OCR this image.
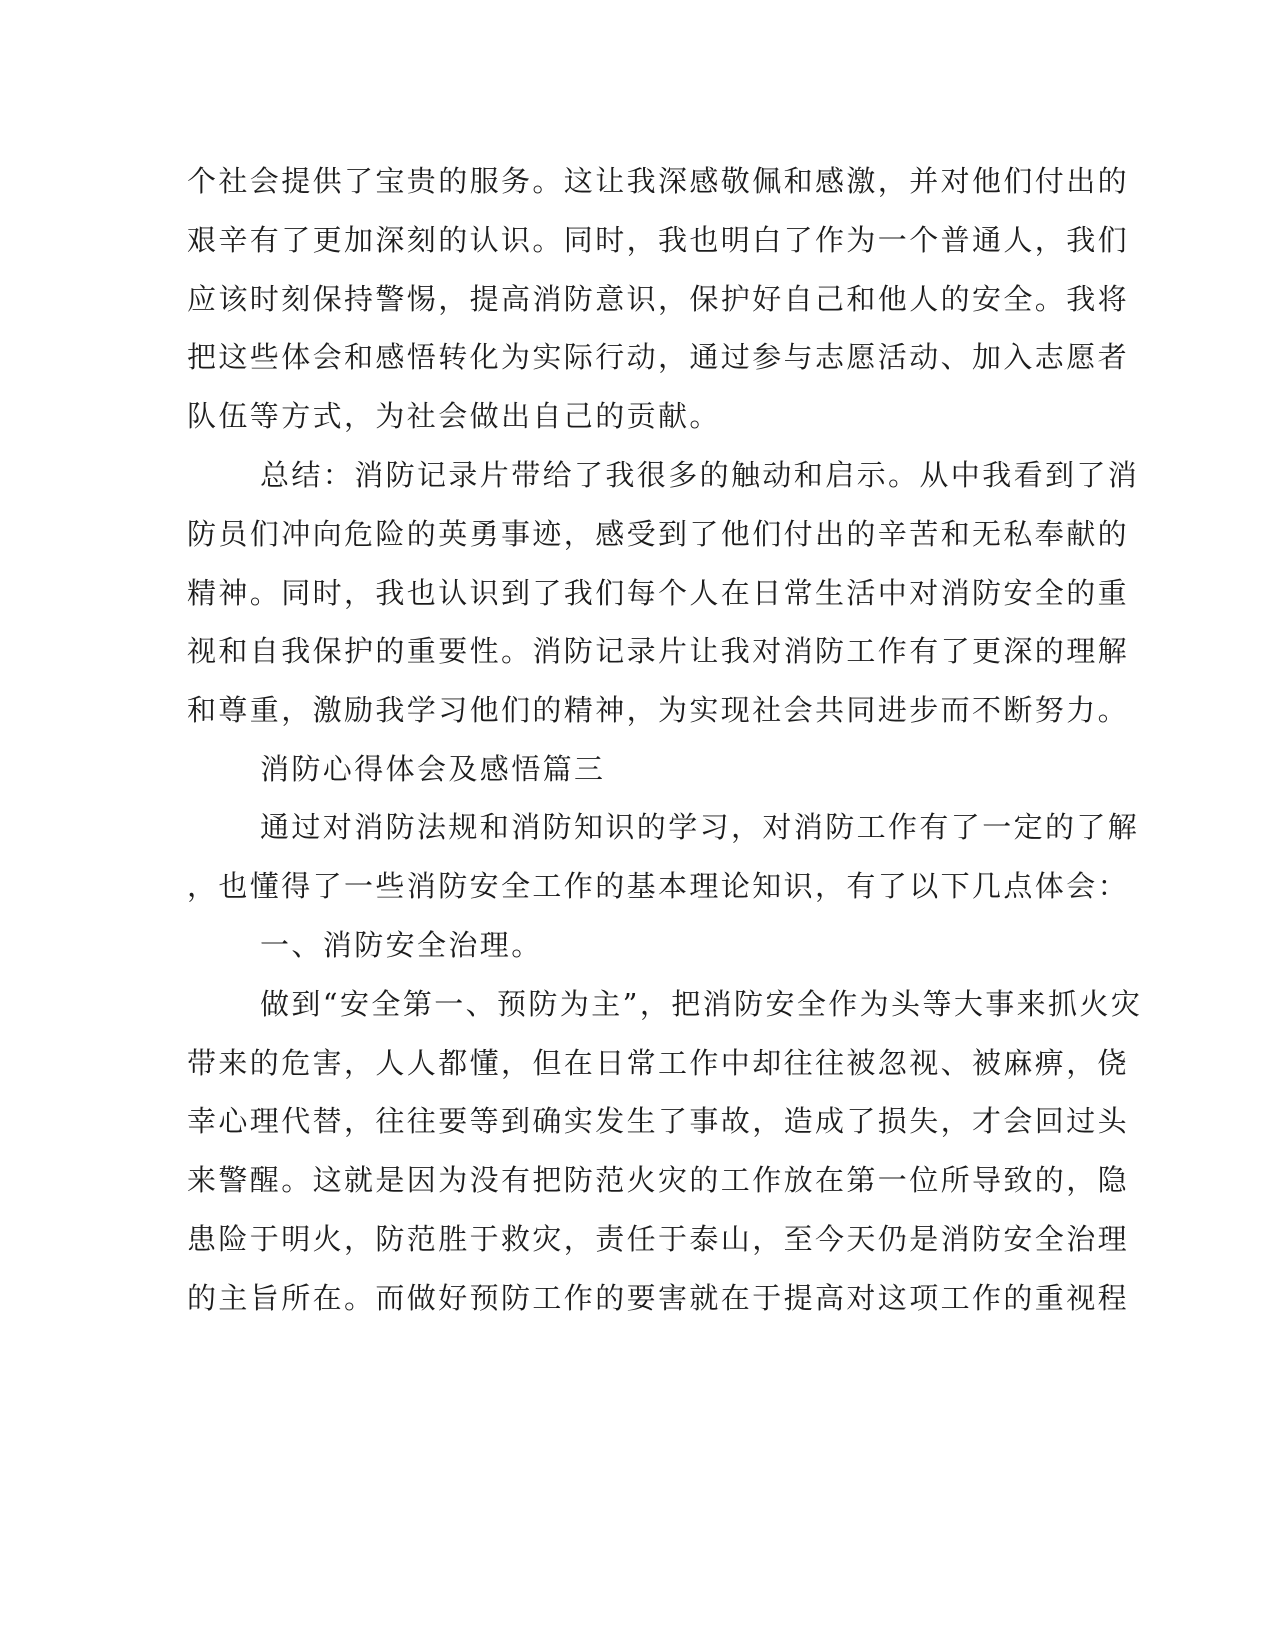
个社会提供了宝贵的服务。这让我深感敬佩和感激，并对他们付出的
艰辛有了更加深刻的认识。同时，我也明白了作为一个普通人，我们
应该时刻保持警惕，提高消防意识，保护好自己和他人的安全。我将
把这些体会和感悟转化为实际行动，通过参与志愿活动、加入志愿者
队伍等方式，为社会做出自己的贡献。
总结：消防记录片带给了我很多的触动和启示。从中我看到了消
防员们冲向危险的英勇事迹，感受到了他们付出的辛苦和无私奉献的
精神。同时，我也认识到了我们每个人在日常生活中对消防安全的重
视和自我保护的重要性。消防记录片让我对消防工作有了更深的理解
和尊重，激励我学习他们的精神，为实现社会共同进步而不断努力。
消防心得体会及感悟篇三
通过对消防法规和消防知识的学习，对消防工作有了一定的了解
，也懂得了一些消防安全工作的基本理论知识，有了以下几点体会：
一、消防安全治理。
做到“安全第一、预防为主”，把消防安全作为头等大事来抓火灾
带来的危害，人人都懂，但在日常工作中却往往被忽视、被麻痹，侥
幸心理代替，往往要等到确实发生了事故，造成了损失，才会回过头
来警醒。这就是因为没有把防范火灾的工作放在第一位所导致的，隐
患险于明火，防范胜于救灾，责任于泰山，至今天仍是消防安全治理
的主旨所在。而做好预防工作的要害就在于提高对这项工作的重视程
